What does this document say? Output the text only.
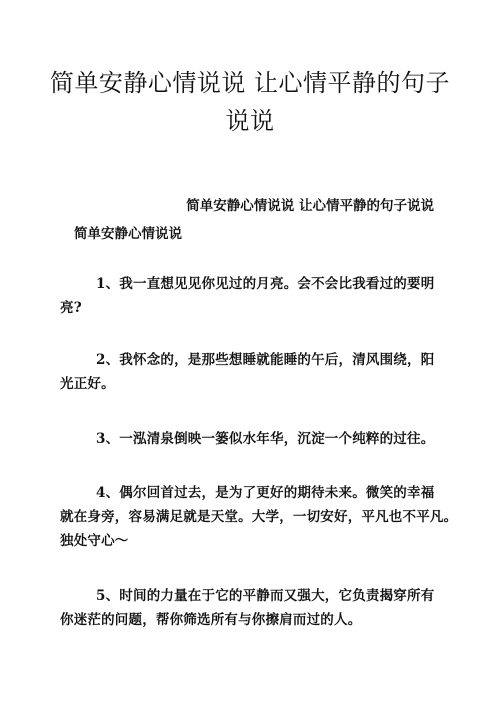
简单安静心情说说 让心情平静的句子
说说
简单安静心情说说 让心情平静的句子说说
简单安静心情说说
1、我一直想见见你见过的月亮。会不会比我看过的要明
亮?
2、我怀念的，是那些想睡就能睡的午后，清风围绕，阳
光正好。
3、一泓清泉倒映一篓似水年华，沉淀一个纯粹的过往。
4、偶尔回首过去，是为了更好的期待未来。微笑的幸福
就在身旁，容易满足就是天堂。大学，一切安好，平凡也不平凡。
独处守心～
5、时间的力量在于它的平静而又强大，它负责揭穿所有
你迷茫的问题，帮你筛选所有与你擦肩而过的人。
